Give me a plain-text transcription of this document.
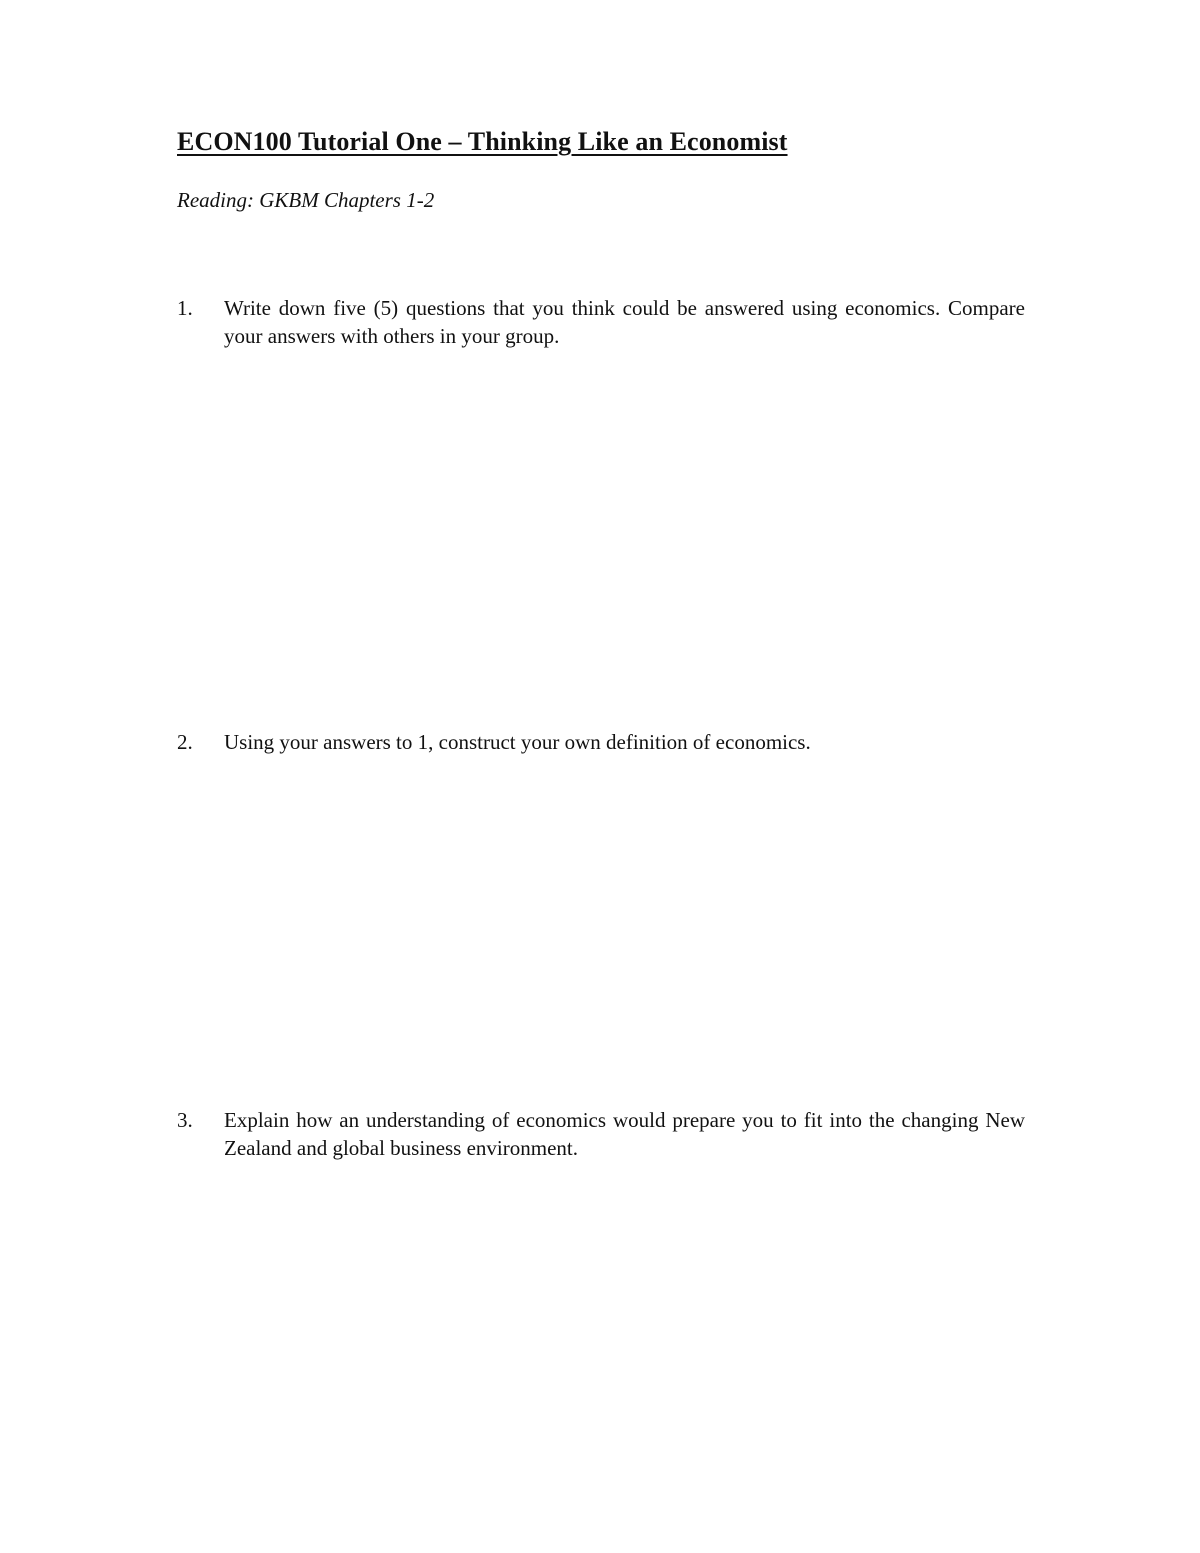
ECON100 Tutorial One – Thinking Like an Economist

Reading: GKBM Chapters 1-2

1.	Write down five (5) questions that you think could be answered using economics. Compare your answers with others in your group.
2.	Using your answers to 1, construct your own definition of economics.
3.	Explain how an understanding of economics would prepare you to fit into the changing New Zealand and global business environment.
